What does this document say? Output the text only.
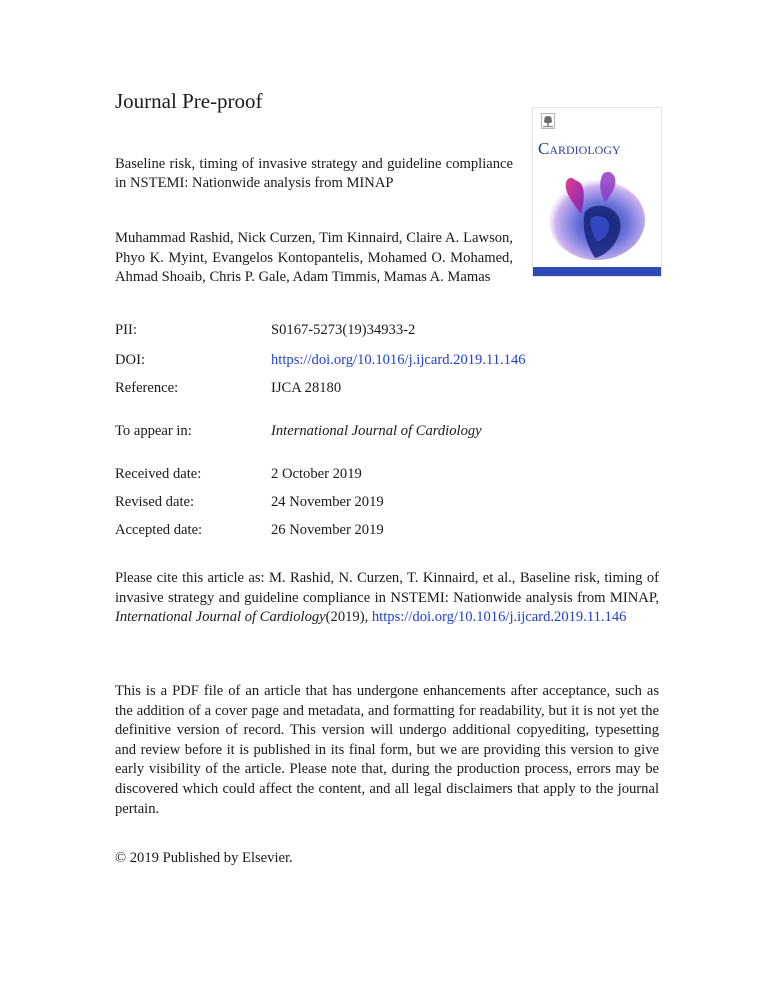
Journal Pre-proof
Baseline risk, timing of invasive strategy and guideline compliance in NSTEMI: Nationwide analysis from MINAP

Muhammad Rashid, Nick Curzen, Tim Kinnaird, Claire A. Lawson, Phyo K. Myint, Evangelos Kontopantelis, Mohamed O. Mohamed, Ahmad Shoaib, Chris P. Gale, Adam Timmis, Mamas A. Mamas

Cardiology

PII:	S0167-5273(19)34933-2
DOI:	https://doi.org/10.1016/j.ijcard.2019.11.146
Reference:	IJCA 28180
To appear in:	International Journal of Cardiology
Received date:	2 October 2019
Revised date:	24 November 2019
Accepted date:	26 November 2019

Please cite this article as: M. Rashid, N. Curzen, T. Kinnaird, et al., Baseline risk, timing of invasive strategy and guideline compliance in NSTEMI: Nationwide analysis from MINAP, International Journal of Cardiology(2019), https://doi.org/10.1016/j.ijcard.2019.11.146

This is a PDF file of an article that has undergone enhancements after acceptance, such as the addition of a cover page and metadata, and formatting for readability, but it is not yet the definitive version of record. This version will undergo additional copyediting, typesetting and review before it is published in its final form, but we are providing this version to give early visibility of the article. Please note that, during the production process, errors may be discovered which could affect the content, and all legal disclaimers that apply to the journal pertain.

© 2019 Published by Elsevier.
